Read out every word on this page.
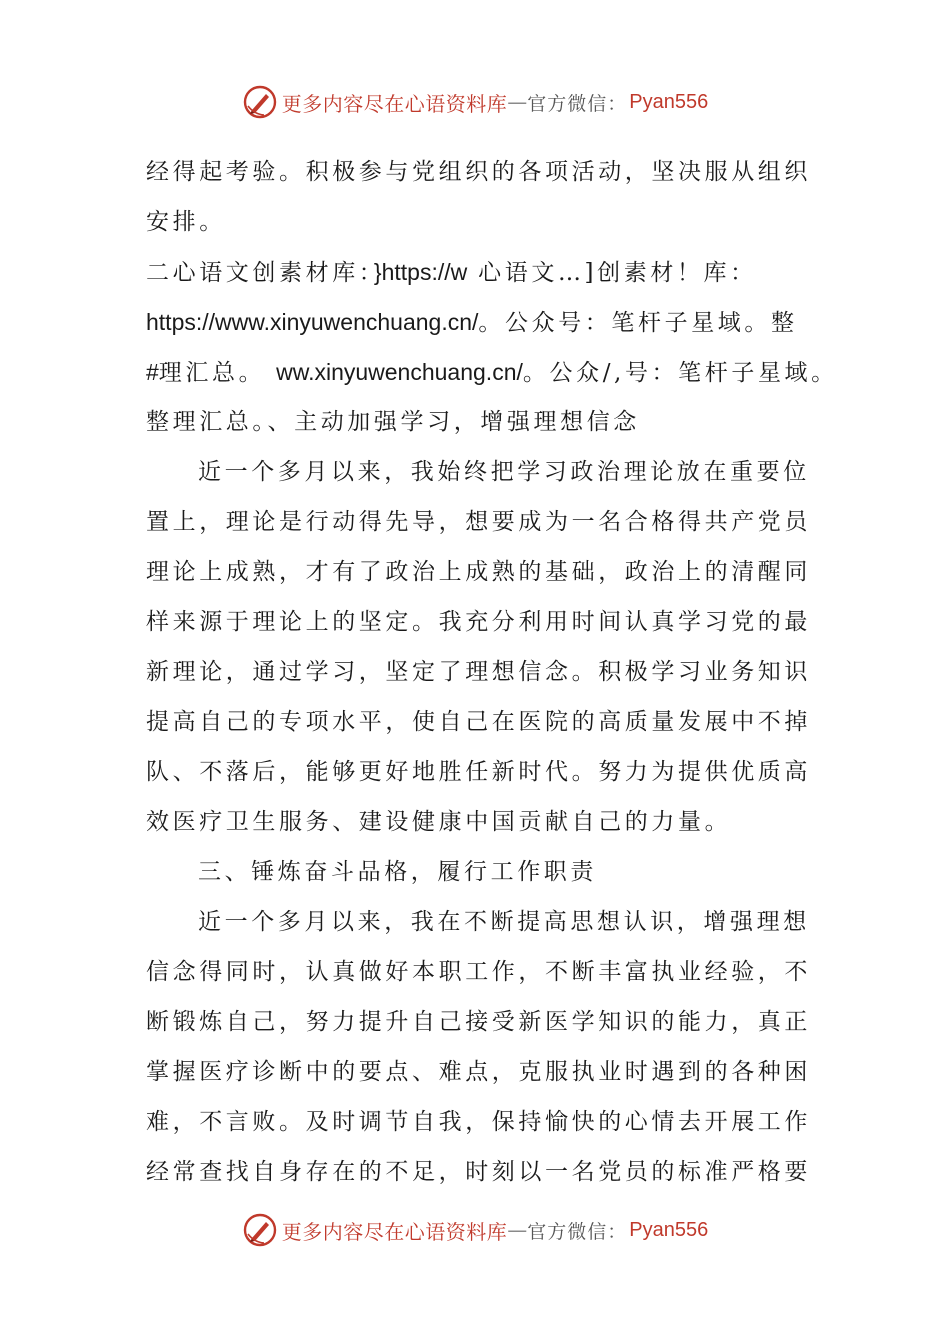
更多内容尽在心语资料库 — 官方微信： Pyan556
经得起考验。积极参与党组织的各项活动，坚决服从组织
安排。
二心语文创素材库：}https://w 心语文…]创素材！库：
https://www.xinyuwenchuang.cn/。公众号：笔杆子星域。整
#理汇总。 ww.xinyuwenchuang.cn/。公众/,号：笔杆子星域。
整理汇总。、主动加强学习，增强理想信念
近一个多月以来，我始终把学习政治理论放在重要位
置上，理论是行动得先导，想要成为一名合格得共产党员
理论上成熟，才有了政治上成熟的基础，政治上的清醒同
样来源于理论上的坚定。我充分利用时间认真学习党的最
新理论，通过学习，坚定了理想信念。积极学习业务知识
提高自己的专项水平，使自己在医院的高质量发展中不掉
队、不落后，能够更好地胜任新时代。努力为提供优质高
效医疗卫生服务、建设健康中国贡献自己的力量。
三、锤炼奋斗品格，履行工作职责
近一个多月以来，我在不断提高思想认识，增强理想
信念得同时，认真做好本职工作，不断丰富执业经验，不
断锻炼自己，努力提升自己接受新医学知识的能力，真正
掌握医疗诊断中的要点、难点，克服执业时遇到的各种困
难，不言败。及时调节自我，保持愉快的心情去开展工作
经常查找自身存在的不足，时刻以一名党员的标准严格要
更多内容尽在心语资料库 — 官方微信： Pyan556
